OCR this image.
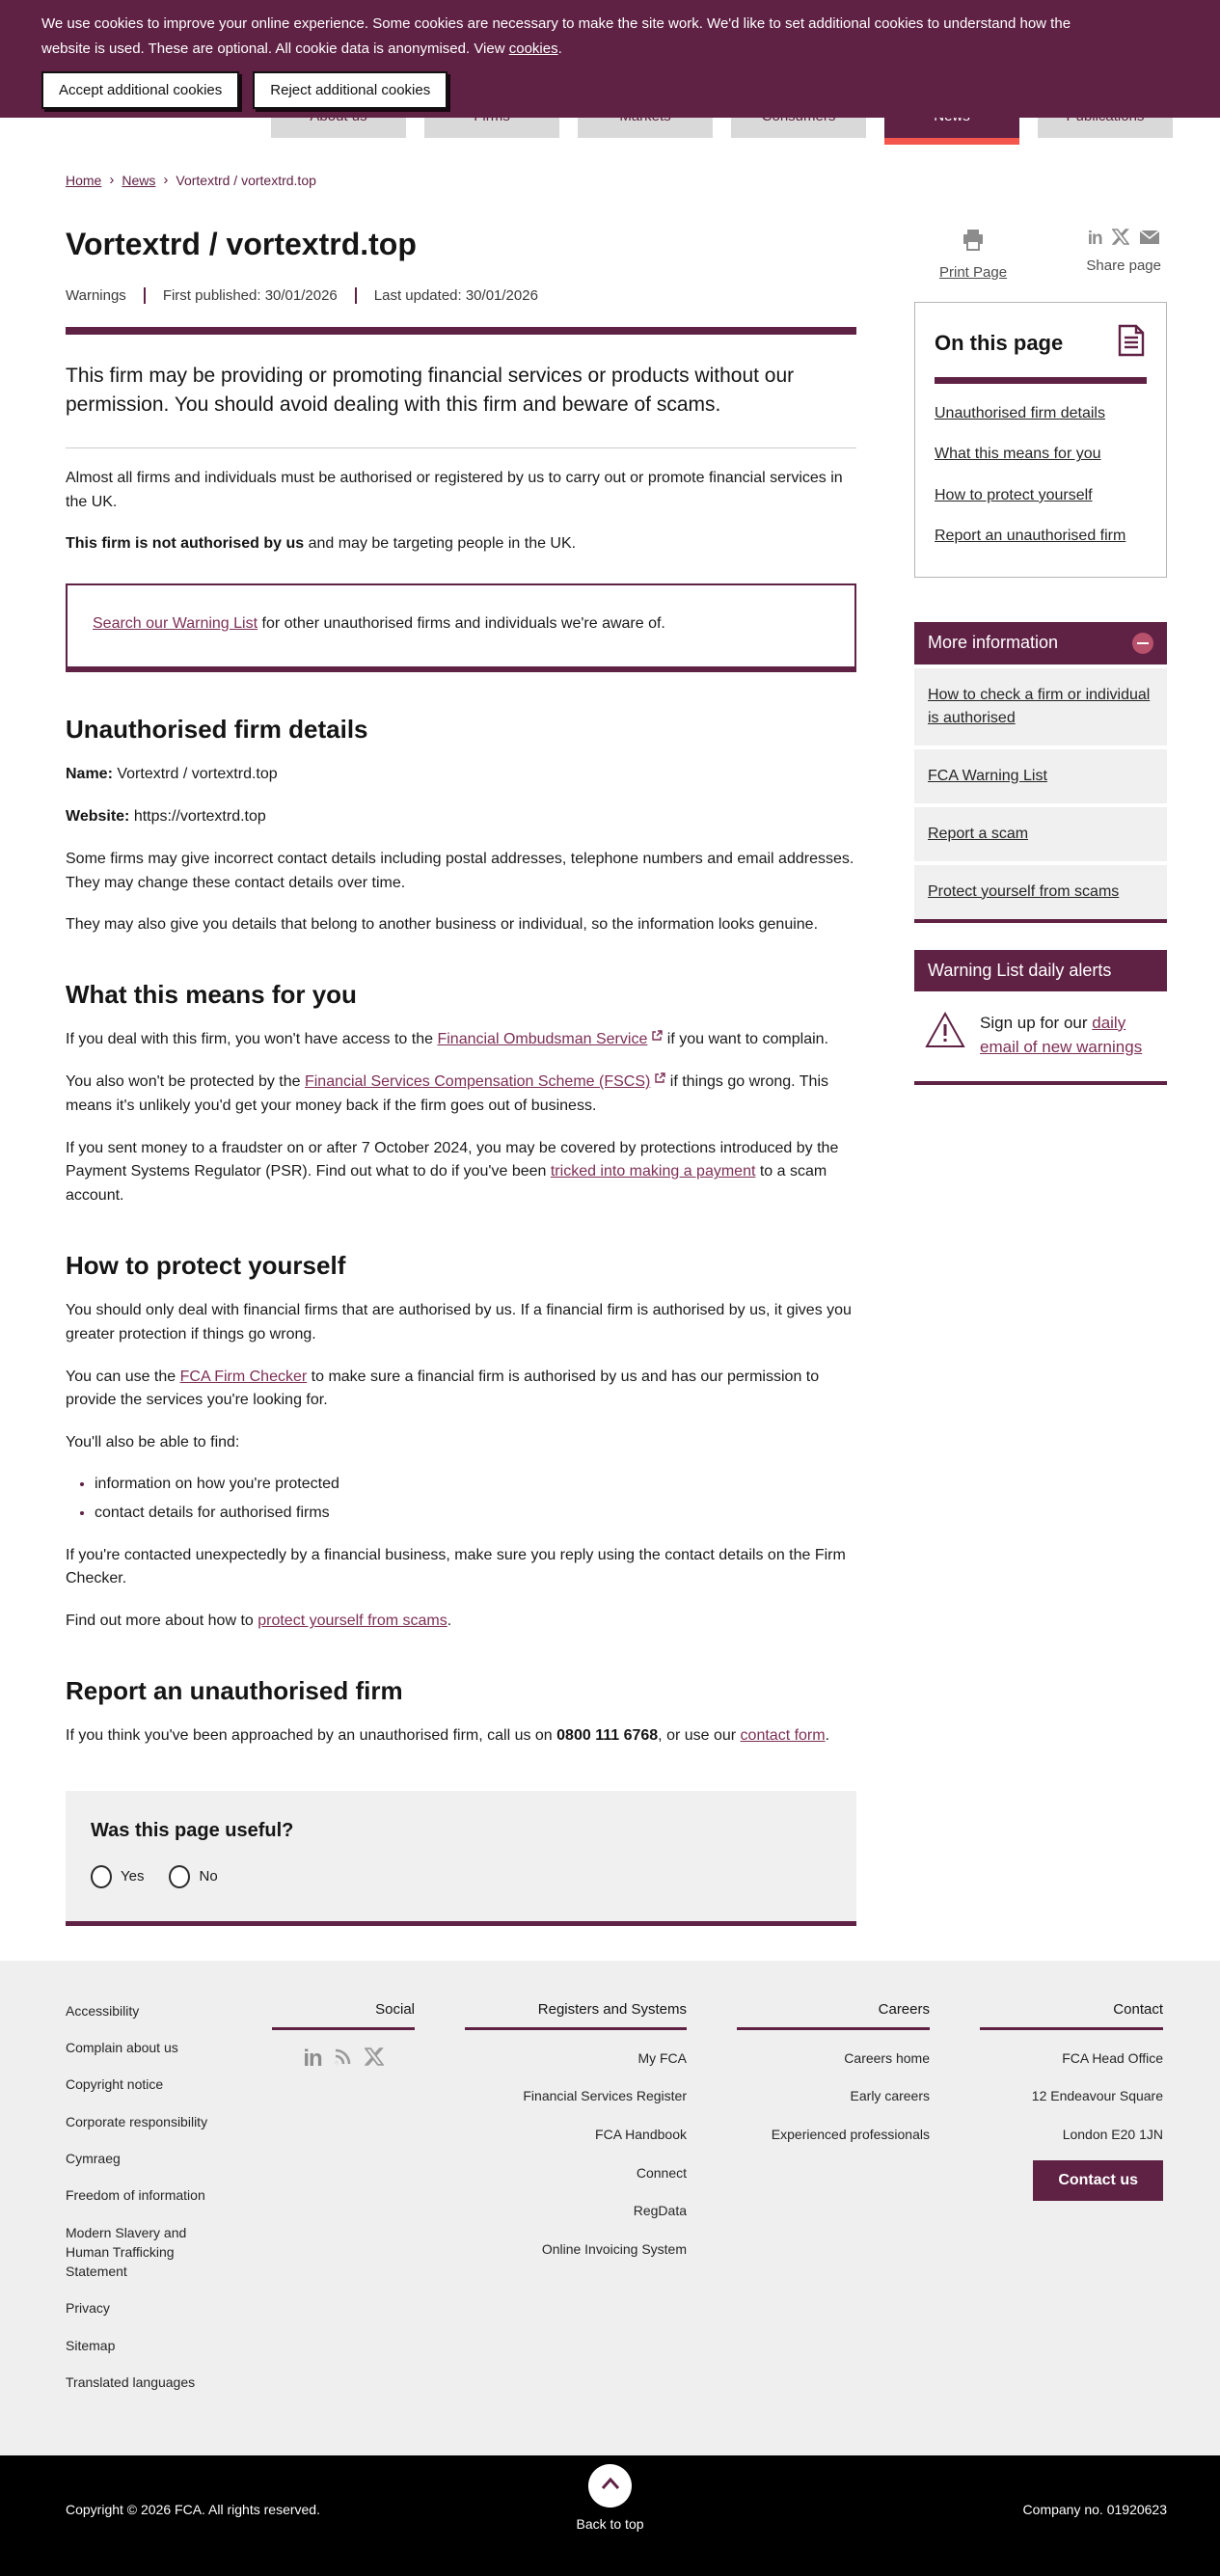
We use cookies to improve your online experience. Some cookies are necessary to make the site work. We'd like to set additional cookies to understand how the website is used. These are optional. All cookie data is anonymised. View cookies.
Accept additional cookies	Reject additional cookies
Home › News › Vortextrd / vortextrd.top
Vortextrd / vortextrd.top
Warnings	First published: 30/01/2026	Last updated: 30/01/2026

This firm may be providing or promoting financial services or products without our permission. You should avoid dealing with this firm and beware of scams.

Almost all firms and individuals must be authorised or registered by us to carry out or promote financial services in the UK.

This firm is not authorised by us and may be targeting people in the UK.

Search our Warning List for other unauthorised firms and individuals we're aware of.
Unauthorised firm details

Name: Vortextrd / vortextrd.top

Website: https://vortextrd.top

Some firms may give incorrect contact details including postal addresses, telephone numbers and email addresses. They may change these contact details over time.

They may also give you details that belong to another business or individual, so the information looks genuine.

What this means for you

If you deal with this firm, you won't have access to the Financial Ombudsman Service
if you want to complain.

You also won't be protected by the Financial Services Compensation Scheme (FSCS)
if things go wrong. This means it's unlikely you'd get your money back if the firm goes out of business.

If you sent money to a fraudster on or after 7 October 2024, you may be covered by protections introduced by the Payment Systems Regulator (PSR). Find out what to do if you've been tricked into making a payment to a scam account.

How to protect yourself

You should only deal with financial firms that are authorised by us. If a financial firm is authorised by us, it gives you greater protection if things go wrong.

You can use the FCA Firm Checker to make sure a financial firm is authorised by us and has our permission to provide the services you're looking for.

You'll also be able to find:

• information on how you're protected
• contact details for authorised firms

If you're contacted unexpectedly by a financial business, make sure you reply using the contact details on the Firm Checker.

Find out more about how to protect yourself from scams.

Report an unauthorised firm

If you think you've been approached by an unauthorised firm, call us on 0800 111 6768, or use our contact form.

Was this page useful?
Yes	No
Print Page
in
Share page
On this page
Unauthorised firm details
What this means for you
How to protect yourself
Report an unauthorised firm
More information
How to check a firm or individual is authorised
FCA Warning List
Report a scam
Protect yourself from scams
Warning List daily alerts
Sign up for our daily email of new warnings
Accessibility
Complain about us
Copyright notice
Corporate responsibility
Cymraeg
Freedom of information
Modern Slavery and Human Trafficking Statement
Privacy
Sitemap
Translated languages
Social
in
Registers and Systems
My FCA
Financial Services Register
FCA Handbook
Connect
RegData
Online Invoicing System
Careers
Careers home
Early careers
Experienced professionals
Contact
FCA Head Office
12 Endeavour Square
London E20 1JN
Contact us
Copyright © 2026 FCA. All rights reserved.
Back to top
Company no. 01920623
